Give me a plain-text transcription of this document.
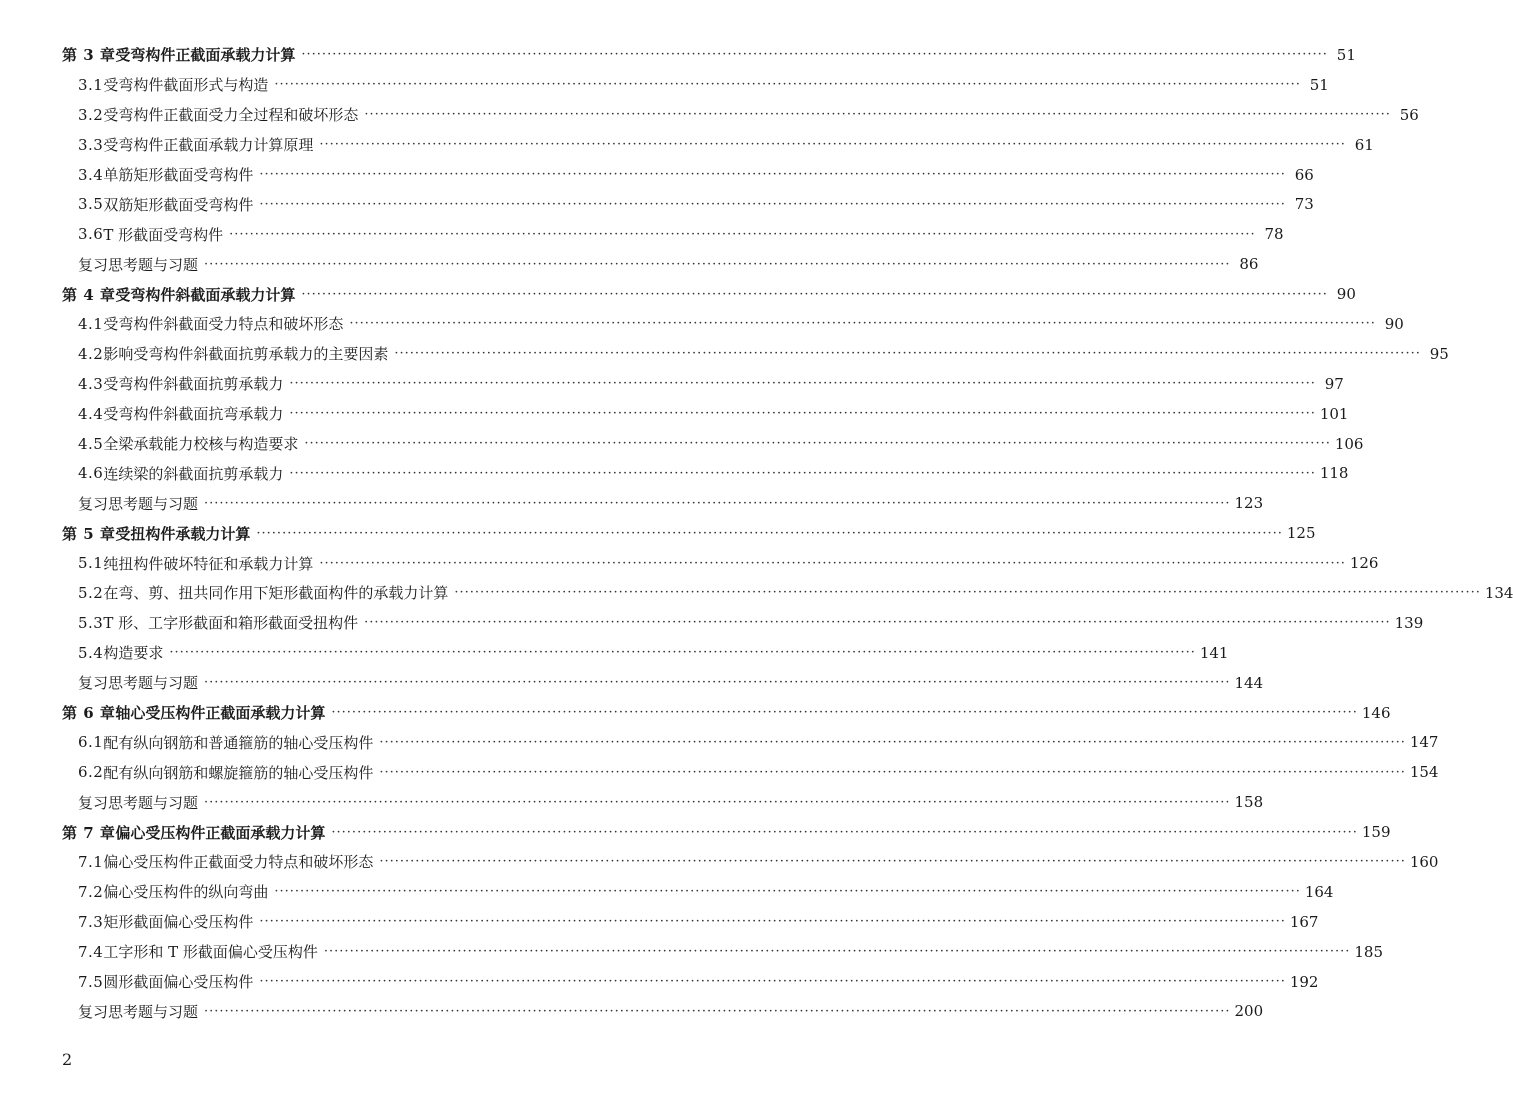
第 3 章 受弯构件正截面承载力计算 ········································································································································································································ 51
3.1 受弯构件截面形式与构造 ········································································································································································································ 51
3.2 受弯构件正截面受力全过程和破坏形态 ········································································································································································································ 56
3.3 受弯构件正截面承载力计算原理 ········································································································································································································ 61
3.4 单筋矩形截面受弯构件 ········································································································································································································ 66
3.5 双筋矩形截面受弯构件 ········································································································································································································ 73
3.6 T 形截面受弯构件 ········································································································································································································ 78
复习思考题与习题 ········································································································································································································ 86
第 4 章 受弯构件斜截面承载力计算 ········································································································································································································ 90
4.1 受弯构件斜截面受力特点和破坏形态 ········································································································································································································ 90
4.2 影响受弯构件斜截面抗剪承载力的主要因素 ········································································································································································································ 95
4.3 受弯构件斜截面抗剪承载力 ········································································································································································································ 97
4.4 受弯构件斜截面抗弯承载力 ········································································································································································································ 101
4.5 全梁承载能力校核与构造要求 ········································································································································································································ 106
4.6 连续梁的斜截面抗剪承载力 ········································································································································································································ 118
复习思考题与习题 ········································································································································································································ 123
第 5 章 受扭构件承载力计算 ········································································································································································································ 125
5.1 纯扭构件破坏特征和承载力计算 ········································································································································································································ 126
5.2 在弯、剪、扭共同作用下矩形截面构件的承载力计算 ········································································································································································································ 134
5.3 T 形、工字形截面和箱形截面受扭构件 ········································································································································································································ 139
5.4 构造要求 ········································································································································································································ 141
复习思考题与习题 ········································································································································································································ 144
第 6 章 轴心受压构件正截面承载力计算 ········································································································································································································ 146
6.1 配有纵向钢筋和普通箍筋的轴心受压构件 ········································································································································································································ 147
6.2 配有纵向钢筋和螺旋箍筋的轴心受压构件 ········································································································································································································ 154
复习思考题与习题 ········································································································································································································ 158
第 7 章 偏心受压构件正截面承载力计算 ········································································································································································································ 159
7.1 偏心受压构件正截面受力特点和破坏形态 ········································································································································································································ 160
7.2 偏心受压构件的纵向弯曲 ········································································································································································································ 164
7.3 矩形截面偏心受压构件 ········································································································································································································ 167
7.4 工字形和 T 形截面偏心受压构件 ········································································································································································································ 185
7.5 圆形截面偏心受压构件 ········································································································································································································ 192
复习思考题与习题 ········································································································································································································ 200
2
